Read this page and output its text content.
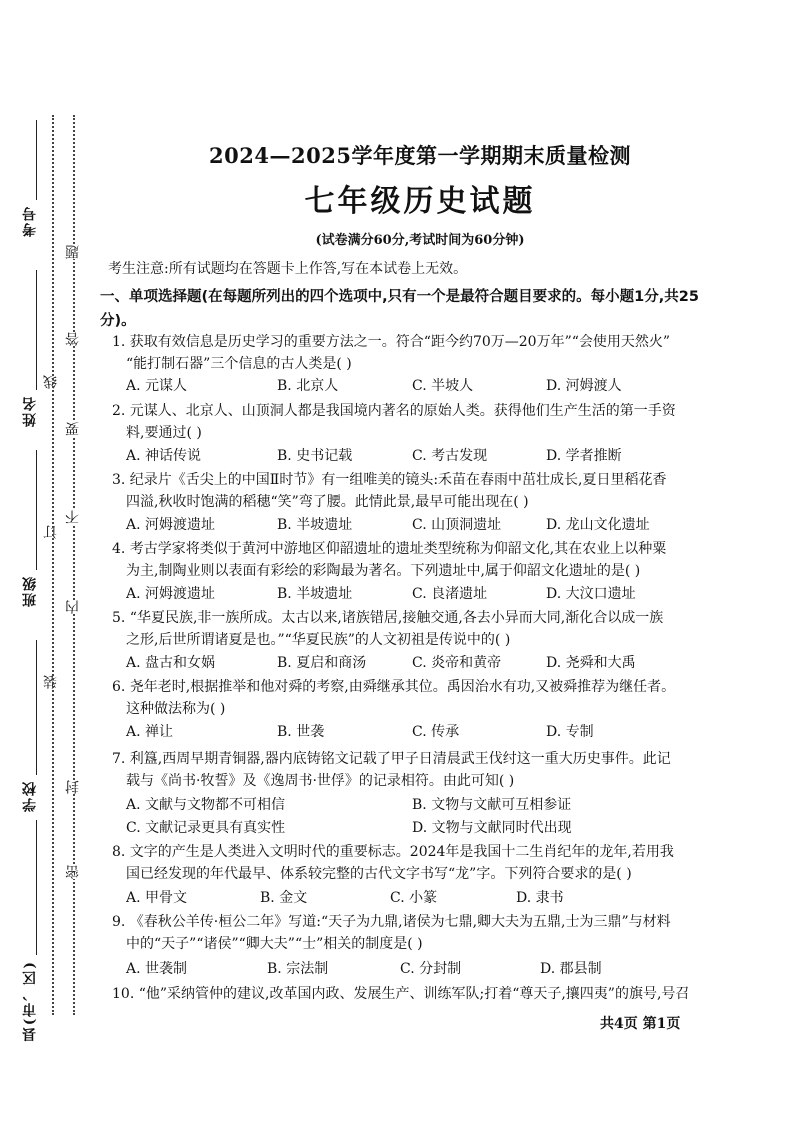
考号
姓名
班级
学校
县(市、区)
题
答
要
不
内
线
订
装
封
密
2024—2025学年度第一学期期末质量检测
七年级历史试题
(试卷满分60分,考试时间为60分钟)
考生注意:所有试题均在答题卡上作答,写在本试卷上无效。
一、单项选择题(在每题所列出的四个选项中,只有一个是最符合题目要求的。每小题1分,共25分)。
1. 获取有效信息是历史学习的重要方法之一。符合“距今约70万—20万年”“会使用天然火”
“能打制石器”三个信息的古人类是( )
A. 元谋人	B. 北京人	C. 半坡人	D. 河姆渡人
2. 元谋人、北京人、山顶洞人都是我国境内著名的原始人类。获得他们生产生活的第一手资
料,要通过( )
A. 神话传说	B. 史书记载	C. 考古发现	D. 学者推断
3. 纪录片《舌尖上的中国Ⅱ时节》有一组唯美的镜头:禾苗在春雨中茁壮成长,夏日里稻花香
四溢,秋收时饱满的稻穗“笑”弯了腰。此情此景,最早可能出现在( )
A. 河姆渡遗址	B. 半坡遗址	C. 山顶洞遗址	D. 龙山文化遗址
4. 考古学家将类似于黄河中游地区仰韶遗址的遗址类型统称为仰韶文化,其在农业上以种粟
为主,制陶业则以表面有彩绘的彩陶最为著名。下列遗址中,属于仰韶文化遗址的是( )
A. 河姆渡遗址	B. 半坡遗址	C. 良渚遗址	D. 大汶口遗址
5. “华夏民族,非一族所成。太古以来,诸族错居,接触交通,各去小异而大同,渐化合以成一族
之形,后世所谓诸夏是也。”“华夏民族”的人文初祖是传说中的( )
A. 盘古和女娲	B. 夏启和商汤	C. 炎帝和黄帝	D. 尧舜和大禹
6. 尧年老时,根据推举和他对舜的考察,由舜继承其位。禹因治水有功,又被舜推荐为继任者。
这种做法称为( )
A. 禅让	B. 世袭	C. 传承	D. 专制
7. 利簋,西周早期青铜器,器内底铸铭文记载了甲子日清晨武王伐纣这一重大历史事件。此记
载与《尚书·牧誓》及《逸周书·世俘》的记录相符。由此可知( )
A. 文献与文物都不可相信	B. 文物与文献可互相参证
C. 文献记录更具有真实性	D. 文物与文献同时代出现
8. 文字的产生是人类进入文明时代的重要标志。2024年是我国十二生肖纪年的龙年,若用我
国已经发现的年代最早、体系较完整的古代文字书写“龙”字。下列符合要求的是( )
A. 甲骨文	B. 金文	C. 小篆	D. 隶书
9. 《春秋公羊传·桓公二年》写道:“天子为九鼎,诸侯为七鼎,卿大夫为五鼎,士为三鼎”与材料
中的“天子”“诸侯”“卿大夫”“士”相关的制度是( )
A. 世袭制	B. 宗法制	C. 分封制	D. 郡县制
10. “他”采纳管仲的建议,改革国内政、发展生产、训练军队;打着“尊天子,攘四夷”的旗号,号召
共4页 第1页
